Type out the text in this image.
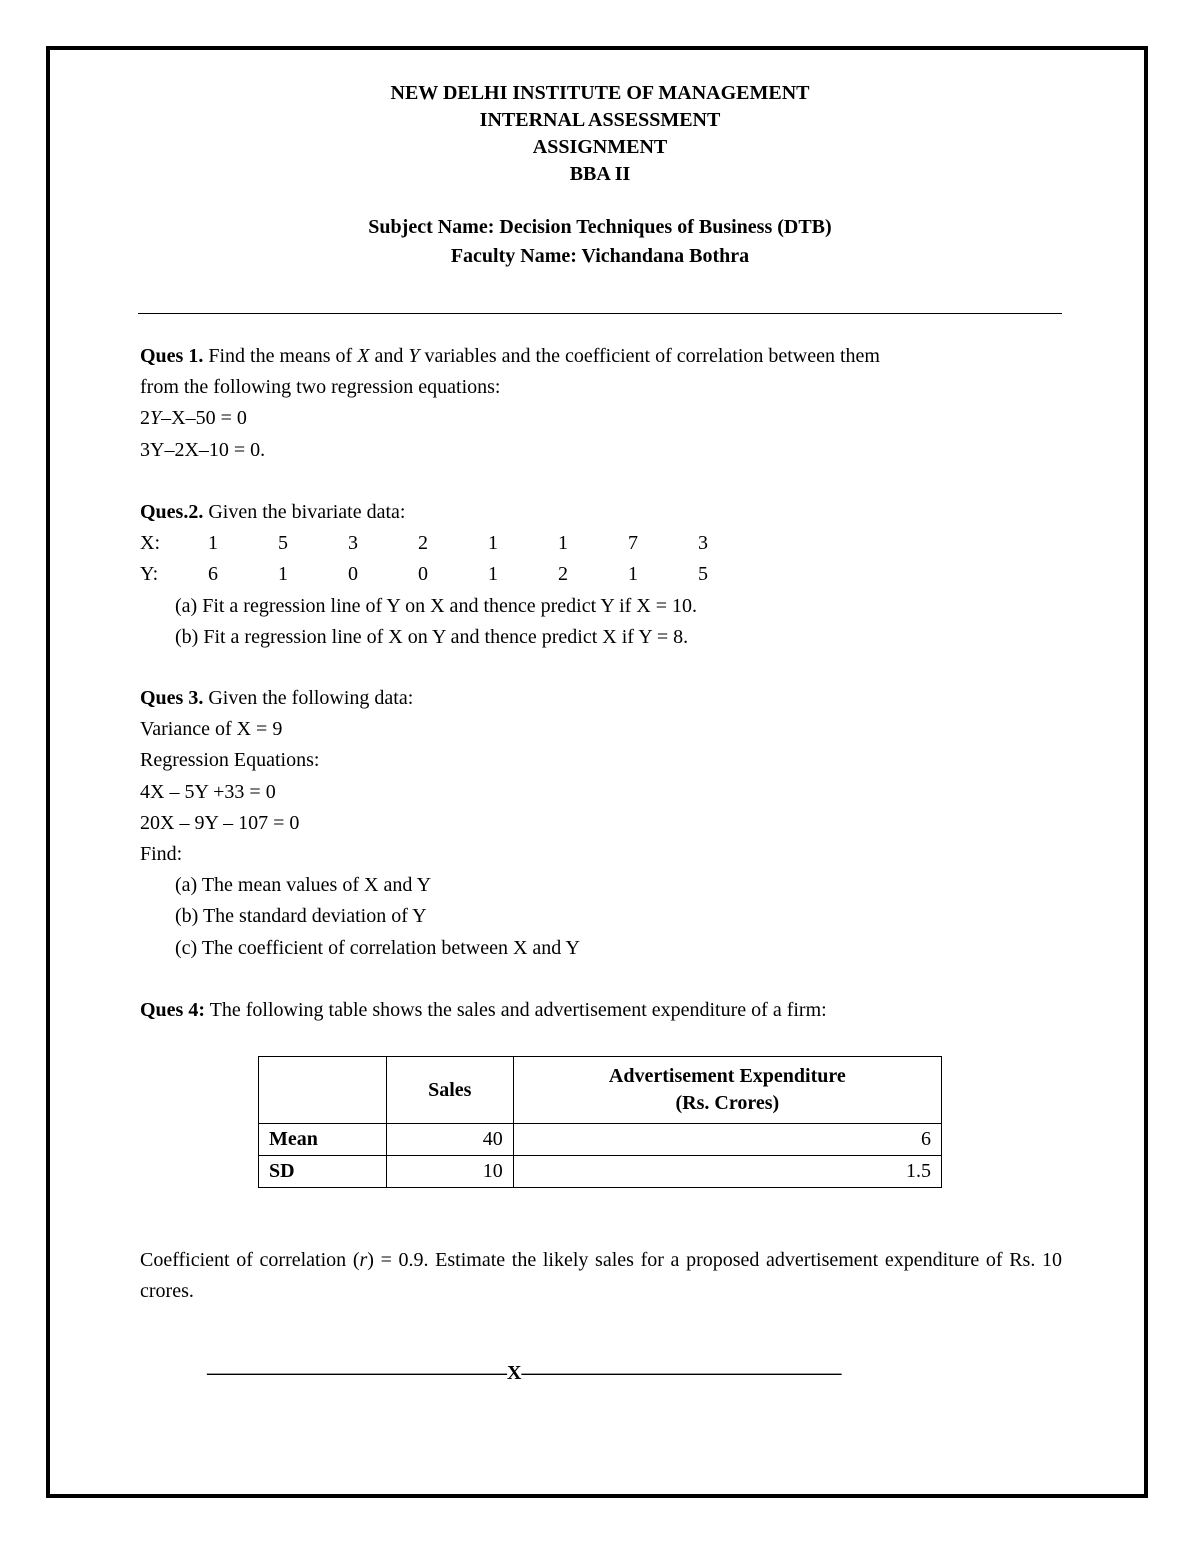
NEW DELHI INSTITUTE OF MANAGEMENT
INTERNAL ASSESSMENT
ASSIGNMENT
BBA II
Subject Name: Decision Techniques of Business (DTB)
Faculty Name: Vichandana Bothra

Ques 1. Find the means of X and Y variables and the coefficient of correlation between them

from the following two regression equations:

2Y–X–50 = 0

3Y–2X–10 = 0.

Ques.2. Given the bivariate data:

X:	1	5	3	2	1	1	7	3
Y:	6	1	0	0	1	2	1	5

(a) Fit a regression line of Y on X and thence predict Y if X = 10.

(b) Fit a regression line of X on Y and thence predict X if Y = 8.

Ques 3. Given the following data:

Variance of X = 9

Regression Equations:

4X – 5Y +33 = 0

20X – 9Y – 107 = 0

Find:

(a) The mean values of X and Y

(b) The standard deviation of Y

(c) The coefficient of correlation between X and Y

Ques 4: The following table shows the sales and advertisement expenditure of a firm:

	Sales	Advertisement Expenditure
(Rs. Crores)

Mean	40	6
SD	10	1.5

Coefficient of correlation (r) = 0.9. Estimate the likely sales for a proposed advertisement expenditure of Rs. 10 crores.

––––––––––––––––––––––––––––––X––––––––––––––––––––––––––––––––
